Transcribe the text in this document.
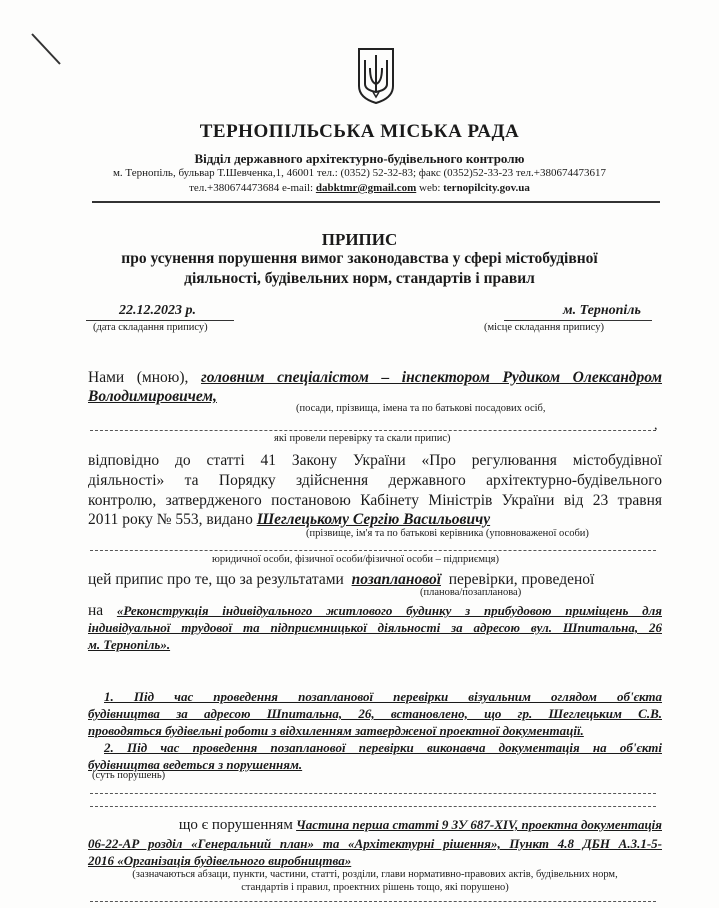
ТЕРНОПІЛЬСЬКА МІСЬКА РАДА
Відділ державного архітектурно-будівельного контролю
м. Тернопіль, бульвар Т.Шевченка,1, 46001 тел.: (0352) 52-32-83; факс (0352)52-33-23 тел.+380674473617
тел.+380674473684 e-mail: dabktmr@gmail.com web: ternopilcity.gov.ua
ПРИПИС
про усунення порушення вимог законодавства у сфері містобудівної
діяльності, будівельних норм, стандартів і правил
22.12.2023 р.
(дата складання припису)
м. Тернопіль
(місце складання припису)
Нами (мною), головним спеціалістом – інспектором Рудиком Олександром
Володимировичем,
(посади, прізвища, імена та по батькові посадових осіб,
,
які провели перевірку та скали припис)
відповідно до статті 41 Закону України «Про регулювання містобудівної
діяльності» та Порядку здійснення державного архітектурно-будівельного
контролю, затвердженого постановою Кабінету Міністрів України від 23 травня
2011 року № 553, видано Шеглецькому Сергію Васильовичу
(прізвище, ім'я та по батькові керівника (уповноваженої особи)
юридичної особи, фізичної особи/фізичної особи – підприємця)
цей припис про те, що за результатами позапланової перевірки, проведеної
(планова/позапланова)
на «Реконструкція індивідуального житлового будинку з прибудовою приміщень для
індивідуальної трудової та підприємницької діяльності за адресою вул. Шпитальна, 26
м. Тернопіль».
1. Під час проведення позапланової перевірки візуальним оглядом об'єкта
будівництва за адресою Шпитальна, 26, встановлено, що гр. Шеглецьким С.В.
проводяться будівельні роботи з відхиленням затвердженої проектної документації.
2. Під час проведення позапланової перевірки виконавча документація на об'єкті
будівництва ведеться з порушенням.
(суть порушень)
що є порушенням Частина перша статті 9 ЗУ 687-XIV, проектна документація
06-22-АР розділ «Генеральний план» та «Архітектурні рішення», Пункт 4.8 ДБН А.3.1-5-
2016 «Організація будівельного виробництва»
(зазначаються абзаци, пункти, частини, статті, розділи, глави нормативно-правових актів, будівельних норм,
стандартів і правил, проектних рішень тощо, які порушено)
